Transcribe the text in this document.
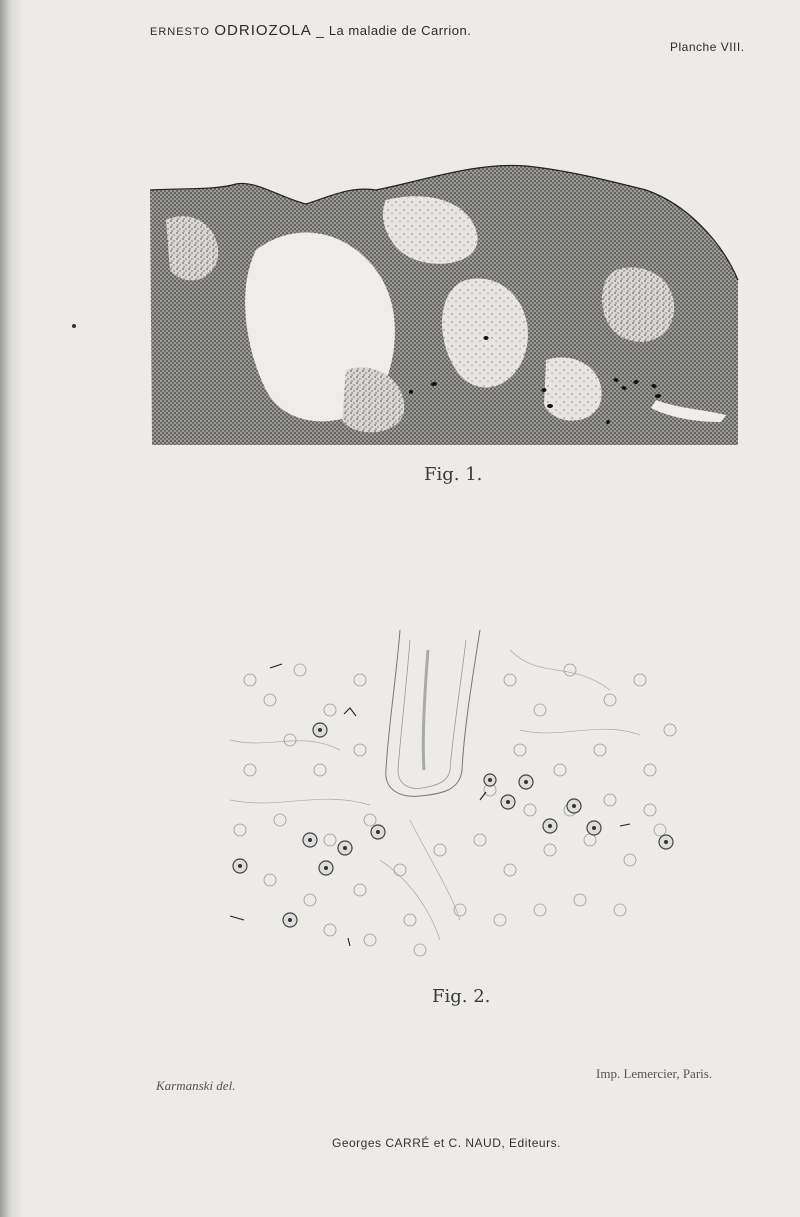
ERNESTO ODRIOZOLA _ La maladie de Carrion.
Planche VIII.
Fig. 1.
Fig. 2.
Karmanski del.
Imp. Lemercier, Paris.
Georges CARRÉ et C. NAUD, Editeurs.
